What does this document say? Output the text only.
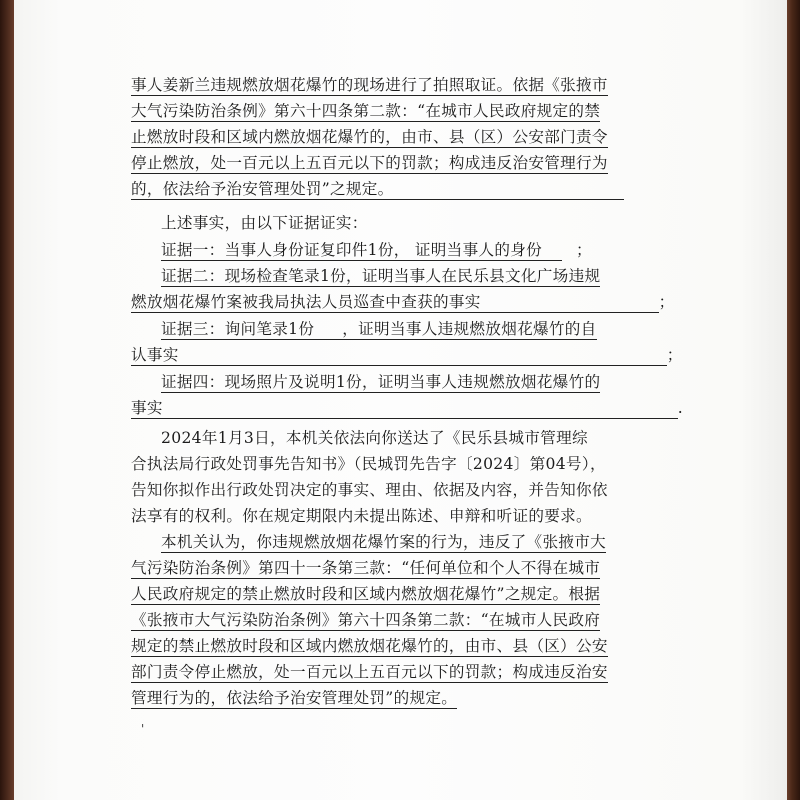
事人姜新兰违规燃放烟花爆竹的现场进行了拍照取证。依据《张掖市
大气污染防治条例》第六十四条第二款：“在城市人民政府规定的禁
止燃放时段和区域内燃放烟花爆竹的，由市、县（区）公安部门责令
停止燃放，处一百元以上五百元以下的罚款；构成违反治安管理行为
的，依法给予治安管理处罚”之规定。
上述事实，由以下证据证实：
证据一：当事人身份证复印件1份， 证明当事人的身份 ；
证据二：现场检查笔录1份，证明当事人在民乐县文化广场违规
燃放烟花爆竹案被我局执法人员巡查中查获的事实	；
证据三：询问笔录1份 ，证明当事人违规燃放烟花爆竹的自
认事实	；
证据四：现场照片及说明1份，证明当事人违规燃放烟花爆竹的
事实	.
2024年1月3日，本机关依法向你送达了《民乐县城市管理综
合执法局行政处罚事先告知书》（民城罚先告字〔2024〕第04号），
告知你拟作出行政处罚决定的事实、理由、依据及内容，并告知你依
法享有的权利。你在规定期限内未提出陈述、申辩和听证的要求。
本机关认为，你违规燃放烟花爆竹案的行为，违反了《张掖市大
气污染防治条例》第四十一条第三款：“任何单位和个人不得在城市
人民政府规定的禁止燃放时段和区域内燃放烟花爆竹”之规定。根据
《张掖市大气污染防治条例》第六十四条第二款：“在城市人民政府
规定的禁止燃放时段和区域内燃放烟花爆竹的，由市、县（区）公安
部门责令停止燃放，处一百元以上五百元以下的罚款；构成违反治安
管理行为的，依法给予治安管理处罚”的规定。
'
